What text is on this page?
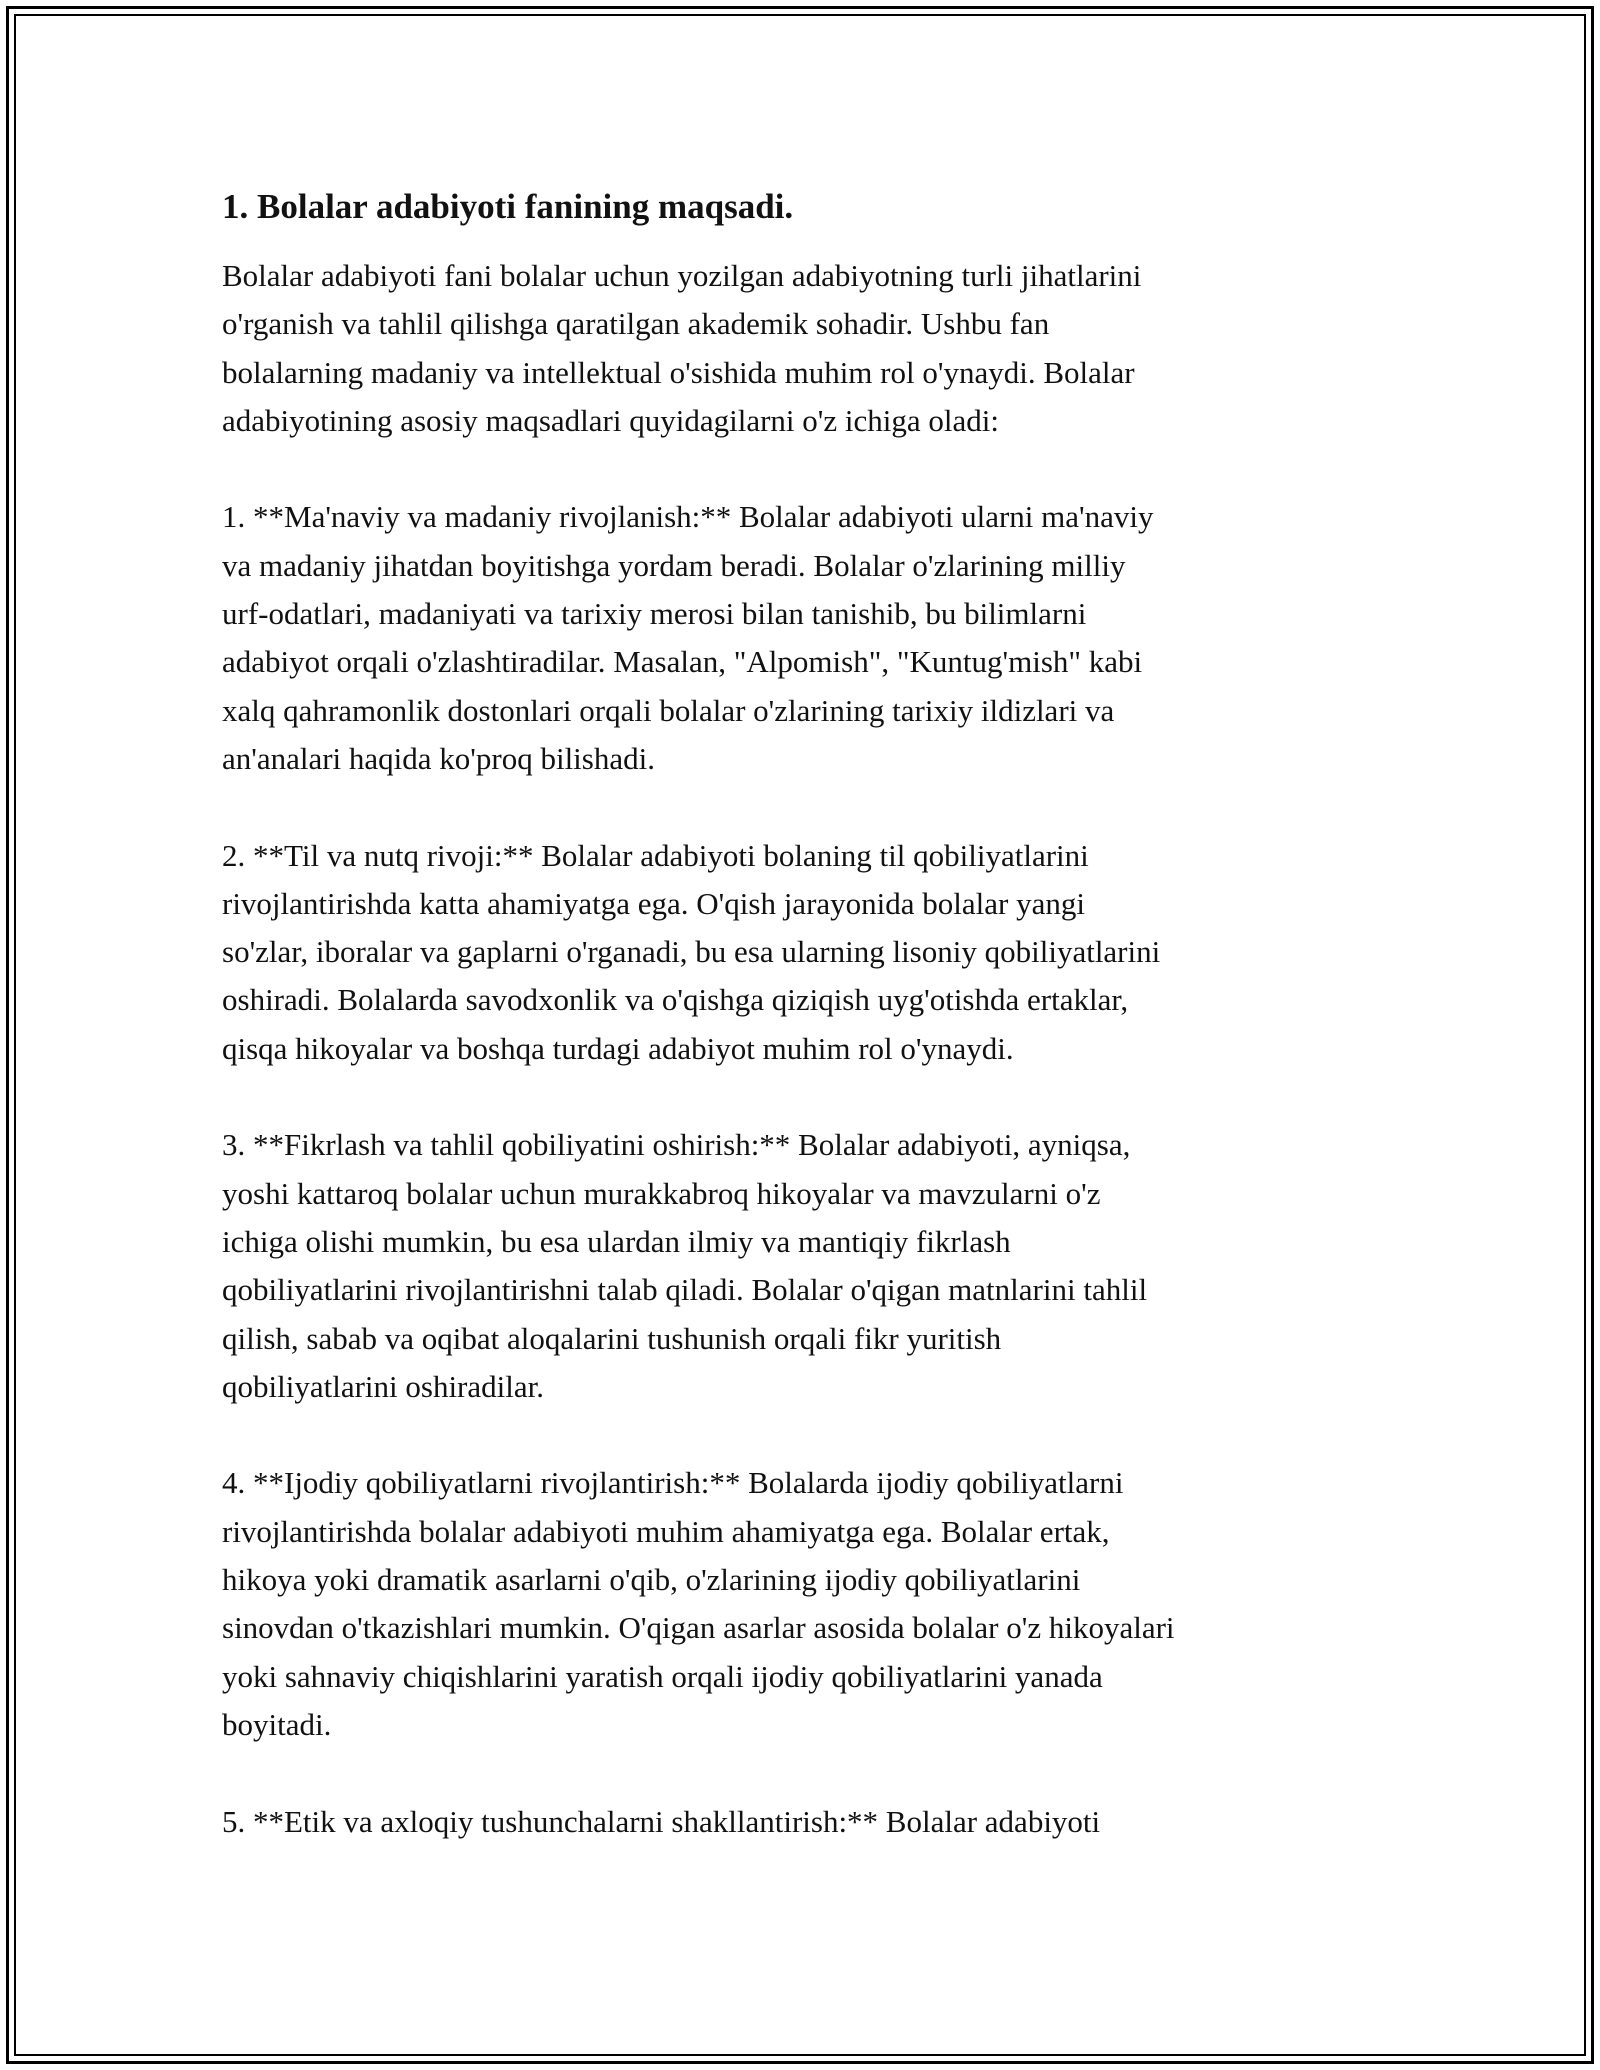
1. Bolalar adabiyoti fanining maqsadi.

Bolalar adabiyoti fani bolalar uchun yozilgan adabiyotning turli jihatlarini
o'rganish va tahlil qilishga qaratilgan akademik sohadir. Ushbu fan
bolalarning madaniy va intellektual o'sishida muhim rol o'ynaydi. Bolalar
adabiyotining asosiy maqsadlari quyidagilarni o'z ichiga oladi:

1. **Ma'naviy va madaniy rivojlanish:** Bolalar adabiyoti ularni ma'naviy
va madaniy jihatdan boyitishga yordam beradi. Bolalar o'zlarining milliy
urf-odatlari, madaniyati va tarixiy merosi bilan tanishib, bu bilimlarni
adabiyot orqali o'zlashtiradilar. Masalan, "Alpomish", "Kuntug'mish" kabi
xalq qahramonlik dostonlari orqali bolalar o'zlarining tarixiy ildizlari va
an'analari haqida ko'proq bilishadi.

2. **Til va nutq rivoji:** Bolalar adabiyoti bolaning til qobiliyatlarini
rivojlantirishda katta ahamiyatga ega. O'qish jarayonida bolalar yangi
so'zlar, iboralar va gaplarni o'rganadi, bu esa ularning lisoniy qobiliyatlarini
oshiradi. Bolalarda savodxonlik va o'qishga qiziqish uyg'otishda ertaklar,
qisqa hikoyalar va boshqa turdagi adabiyot muhim rol o'ynaydi.

3. **Fikrlash va tahlil qobiliyatini oshirish:** Bolalar adabiyoti, ayniqsa,
yoshi kattaroq bolalar uchun murakkabroq hikoyalar va mavzularni o'z
ichiga olishi mumkin, bu esa ulardan ilmiy va mantiqiy fikrlash
qobiliyatlarini rivojlantirishni talab qiladi. Bolalar o'qigan matnlarini tahlil
qilish, sabab va oqibat aloqalarini tushunish orqali fikr yuritish
qobiliyatlarini oshiradilar.

4. **Ijodiy qobiliyatlarni rivojlantirish:** Bolalarda ijodiy qobiliyatlarni
rivojlantirishda bolalar adabiyoti muhim ahamiyatga ega. Bolalar ertak,
hikoya yoki dramatik asarlarni o'qib, o'zlarining ijodiy qobiliyatlarini
sinovdan o'tkazishlari mumkin. O'qigan asarlar asosida bolalar o'z hikoyalari
yoki sahnaviy chiqishlarini yaratish orqali ijodiy qobiliyatlarini yanada
boyitadi.

5. **Etik va axloqiy tushunchalarni shakllantirish:** Bolalar adabiyoti
